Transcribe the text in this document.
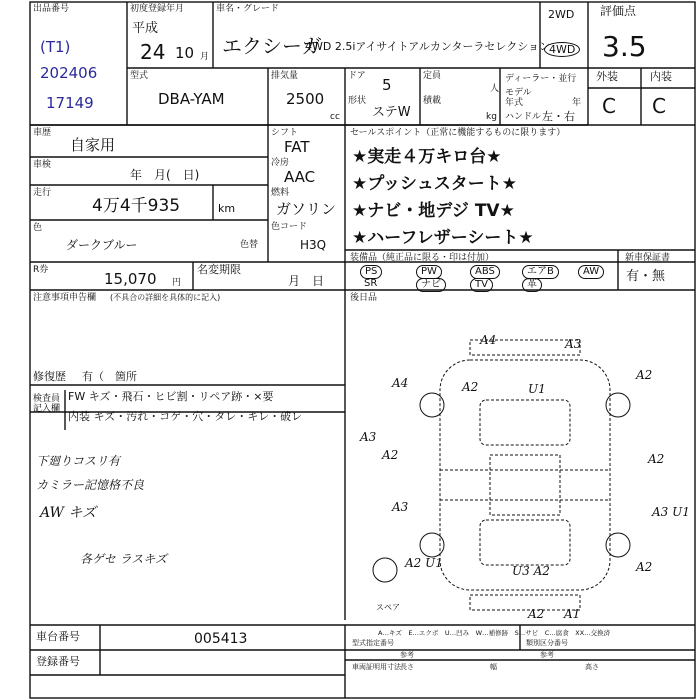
出品番号
(T1)
202406
17149
初度登録年月
平成
24 10 月
車名・グレード
エクシーガ
4WD 2.5iアイサイトアルカンターラセレクション
2WD
4WD
評価点
3.5
外装	内装
C C
型式
DBA-YAM
排気量
2500
cc
ドア 5
形状
ステW
定員
人
積載
kg
ディーラー・並行
モデル年式	年
ハンドル 左・右
車歴
自家用
車検
年　月(　日)
走行
4万4千935	km
色
ダークブルー	色替
シフト
FAT
冷房
AAC
燃料
ガソリン
色コード
H3Q
セールスポイント（正常に機能するものに限ります）
★実走４万キロ台★
★プッシュスタート★
★ナビ・地デジ TV★
★ハーフレザーシート★
R券	15,070 円
名変期限
月　日
装備品（純正品に限る・印は付加）
PS	PW	ABS	エアB	AW
SR	ナビ	TV	革
新車保証書
有・無
注意事項申告欄 (不具合の詳細を具体的に記入)	後日品
修復歴 有（　箇所
検査員記入欄
FW キズ・飛石・ヒビ割・リペア跡・×要
内装 キズ・汚れ・コゲ・穴・タレ・キレ・破レ
下廻りコスリ有
カミラー記憶格不良
AW キズ
各ゲセ ラスキズ
A4	A3
A4	U1
A2
A3
A2	A2
A3	A3 U1
A2 U1
U3 A2	A2
A1
スペア	A2
A2
A…キズ　E…エクボ　U…凹み　W…補修跡　S…サビ　C…腐食　XX…交換済
車台番号	005413
登録番号
型式指定番号
参考
類別区分番号
参考
車両証明用寸法 長さ	幅	高さ
